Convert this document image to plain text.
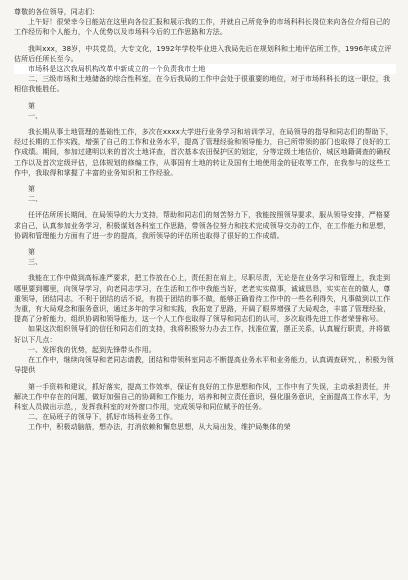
尊敬的各位领导，同志们：

上午好！很荣幸今日能站在这里向各位汇报和展示我的工作，并就自己所竞争的市场科科长岗位来向各位介绍自己的工作经历和个人能力，个人优势以及市场科今后的工作思路和方法。

我叫xxx，38岁，中共党员，大专文化，1992年学校毕业进入我局先后在规划科和土地评估所工作，1996年成立评估所后任所长至今。

市场科是这次我局机构改革中新成立的一个负责我市土地

二、三级市场和土地储备的综合性科室，在今后我局的工作中会处于很重要的地位，对于市场科科长的这一职位，我相信我能胜任。

第

一、

我长期从事土地管理的基础性工作，多次在xxxx大学进行业务学习和培训学习，在局领导的指导和同志们的帮助下，经过长期的工作实践，增强了自己的工作和业务水平，提高了管理经验和领导能力，自己所带领的部门也取得了良好的工作成绩。期间，参加过建明以来的首次土地详查，首次基本农田保护区的划定，分等定级土地估价，城区地籍调查的确权工作以及首次定级评估，总体规划的修编工作，从事国有土地的转让及国有土地使用金的征收等工作，在我参与的这些工作中，我取得和掌握了丰富的业务知识和工作经验。

第

二、

任评估所所长期间，在局领导的大力支持，帮助和同志们的刻苦努力下，我能按照领导要求，服从领导安排，严格要求自己，认真参加业务学习，积极谋划各科室工作思路，带领各位努力和技术完成领导交办的工作，在工作能力和思想，协调和管理能力方面有了进一步的提高，我所领导的评估所也取得了很好的工作成绩。

第

三、

我能在工作中做到高标准严要求，把工作放在心上，责任担在肩上，尽职尽责，无论是在业务学习和管理上，我走到哪里要到哪里，向领导学习，向老同志学习，在生活和工作中我能当好，老老实实做事，诚诚恳恳，实实在在的做人，尊重领导，团结同志，不利于团结的话不说，有损于团结的事不做，能够正确看待工作中的一些名利得失，凡事做到以工作为重，有大局观念和服务意识，通过多年的学习和实践，我拓宽了思路，开阔了眼界增强了大局观念，丰富了管理经验，提高了分析能力，组织协调和领导能力，这一个人工作也取得了领导和同志们的认可，多次取得先进工作者荣誉称号。

如果这次组织领导们的信任和同志们的支持，我将积极努力办去工作，找准位置，摆正关系，认真履行职责，并将做好以下几点：

一、发挥我的优势，起到先锋带头作用。

在工作中，继续向领导和老同志请教，团结和带领科室同志不断提高业务水平和业务能力，认真调查研究，，积极为领导提供

第一手资料和建议，抓好落实，提高工作效率，保证有良好的工作思想和作风，工作中有了失误，主动承担责任，并解决工作中存在的问题，做好加强自己的协调和工作能力，培养和树立责任意识，强化服务意识，全面提高工作水平，为科室人员做出示范，，发挥我科室的对外窗口作用，完成领导和同位赋予的任务。

二、在局班子的领导下，抓好市场科业务工作。

工作中，积极动脑筋，想办法，打消依赖和懈怠思想，从大局出发，维护局集体的荣
